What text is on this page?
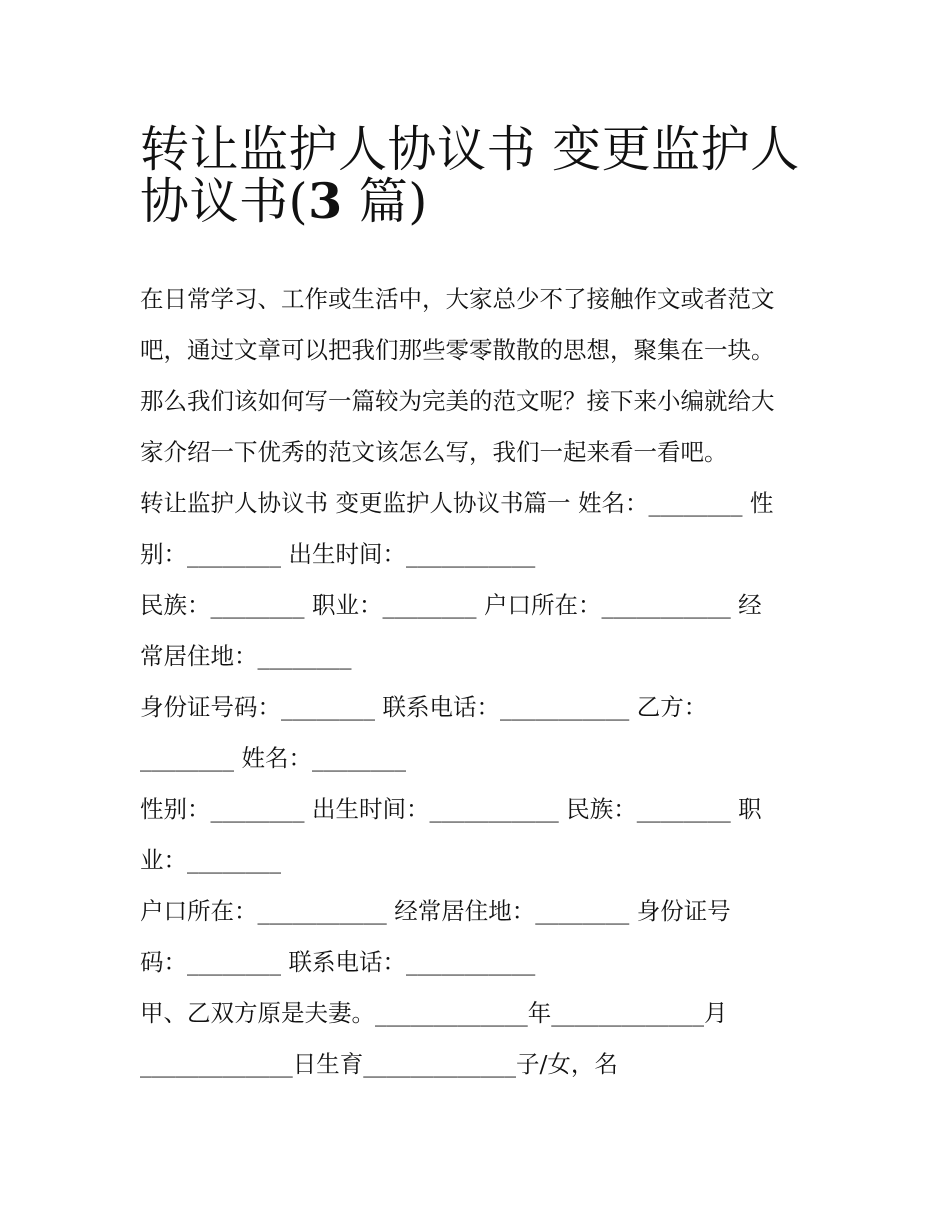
转让监护人协议书 变更监护人
协议书(3 篇)
在日常学习、工作或生活中，大家总少不了接触作文或者范文
吧，通过文章可以把我们那些零零散散的思想，聚集在一块。
那么我们该如何写一篇较为完美的范文呢？接下来小编就给大
家介绍一下优秀的范文该怎么写，我们一起来看一看吧。
转让监护人协议书 变更监护人协议书篇一 姓名：________ 性
别：________ 出生时间：___________
民族：________ 职业：________ 户口所在：___________ 经
常居住地：________
身份证号码：________ 联系电话：___________ 乙方：
________ 姓名：________
性别：________ 出生时间：___________ 民族：________ 职
业：________
户口所在：___________ 经常居住地：________ 身份证号
码：________ 联系电话：___________
甲、乙双方原是夫妻。_____________年_____________月
_____________日生育_____________子/女，名
